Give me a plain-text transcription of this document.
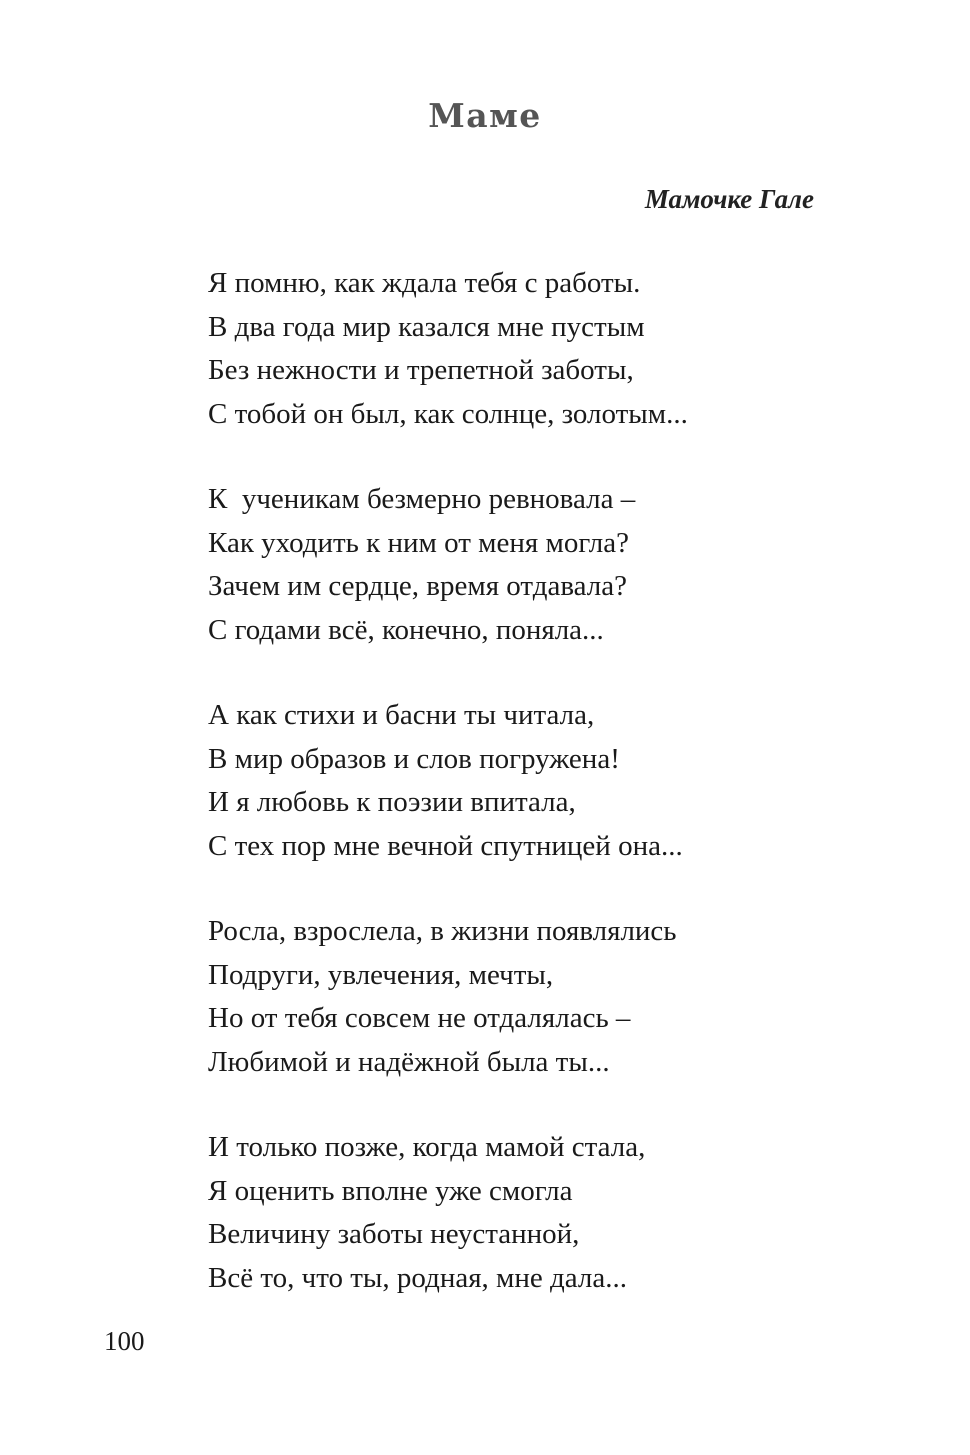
Маме

Мамочке Гале

Я помню, как ждала тебя с работы.
В два года мир казался мне пустым
Без нежности и трепетной заботы,
С тобой он был, как солнце, золотым...
К  ученикам безмерно ревновала –
Как уходить к ним от меня могла?
Зачем им сердце, время отдавала?
С годами всё, конечно, поняла...
А как стихи и басни ты читала,
В мир образов и слов погружена!
И я любовь к поэзии впитала,
С тех пор мне вечной спутницей она...
Росла, взрослела, в жизни появлялись
Подруги, увлечения, мечты,
Но от тебя совсем не отдалялась –
Любимой и надёжной была ты...
И только позже, когда мамой стала,
Я оценить вполне уже смогла
Величину заботы неустанной,
Всё то, что ты, родная, мне дала...

100
